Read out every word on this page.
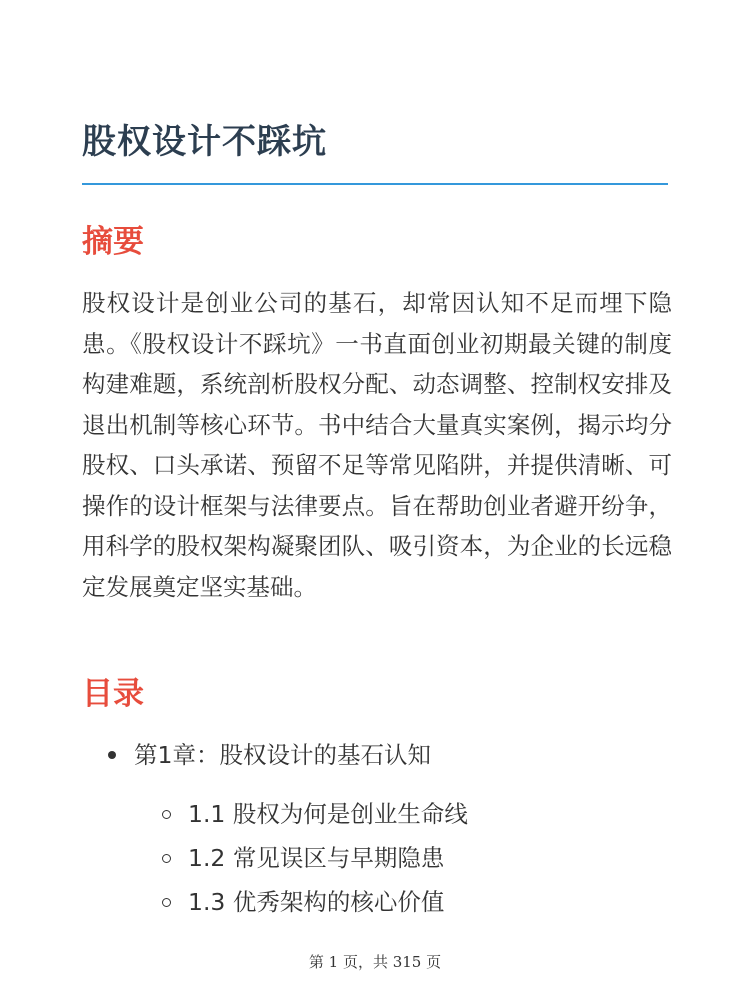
股权设计不踩坑
摘要

股权设计是创业公司的基石，却常因认知不足而埋下隐患。《股权设计不踩坑》一书直面创业初期最关键的制度构建难题，系统剖析股权分配、动态调整、控制权安排及退出机制等核心环节。书中结合大量真实案例，揭示均分股权、口头承诺、预留不足等常见陷阱，并提供清晰、可操作的设计框架与法律要点。旨在帮助创业者避开纷争，用科学的股权架构凝聚团队、吸引资本，为企业的长远稳定发展奠定坚实基础。

目录
第1章：股权设计的基石认知
1.1 股权为何是创业生命线
1.2 常见误区与早期隐患
1.3 优秀架构的核心价值
第 1 页，共 315 页
